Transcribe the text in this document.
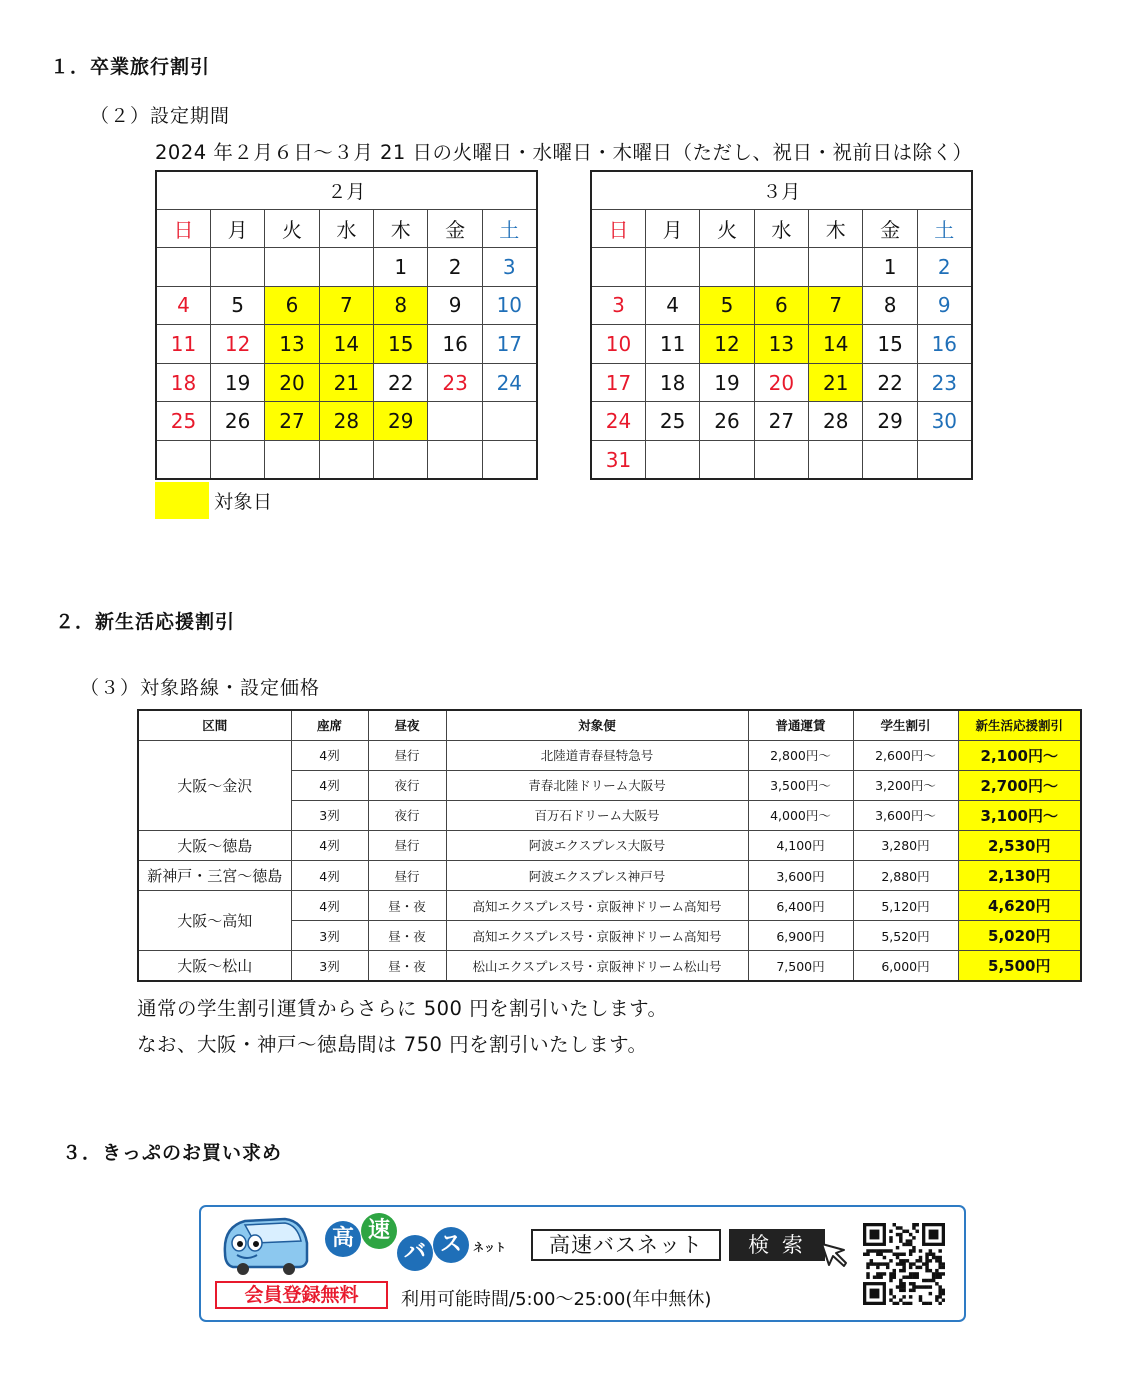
１．卒業旅行割引
（２）設定期間
2024 年２月６日～３月 21 日の火曜日・水曜日・木曜日（ただし、祝日・祝前日は除く）
２月						
日	月	火	水	木	金	土
				1	2	3
4	5	6	7	8	9	10
11	12	13	14	15	16	17
18	19	20	21	22	23	24
25	26	27	28	29		

３月						
日	月	火	水	木	金	土
					1	2
3	4	5	6	7	8	9
10	11	12	13	14	15	16
17	18	19	20	21	22	23
24	25	26	27	28	29	30
31						
対象日
２．新生活応援割引
（３）対象路線・設定価格
区間	座席	昼夜	対象便	普通運賃	学生割引	新生活応援割引
大阪～金沢	4列	昼行	北陸道青春昼特急号	2,800円～	2,600円～	2,100円～
	4列	夜行	青春北陸ドリーム大阪号	3,500円～	3,200円～	2,700円～
	3列	夜行	百万石ドリーム大阪号	4,000円～	3,600円～	3,100円～
大阪～徳島	4列	昼行	阿波エクスプレス大阪号	4,100円	3,280円	2,530円
新神戸・三宮～徳島	4列	昼行	阿波エクスプレス神戸号	3,600円	2,880円	2,130円
大阪～高知	4列	昼・夜	高知エクスプレス号・京阪神ドリーム高知号	6,400円	5,120円	4,620円
	3列	昼・夜	高知エクスプレス号・京阪神ドリーム高知号	6,900円	5,520円	5,020円
大阪～松山	3列	昼・夜	松山エクスプレス号・京阪神ドリーム松山号	7,500円	6,000円	5,500円
通常の学生割引運賃からさらに 500 円を割引いたします。
なお、大阪・神戸～徳島間は 750 円を割引いたします。
３．きっぷのお買い求め
高 速
バ ス	ネット	高速バスネット	検 索
会員登録無料	利用可能時間/5:00～25:00(年中無休)
